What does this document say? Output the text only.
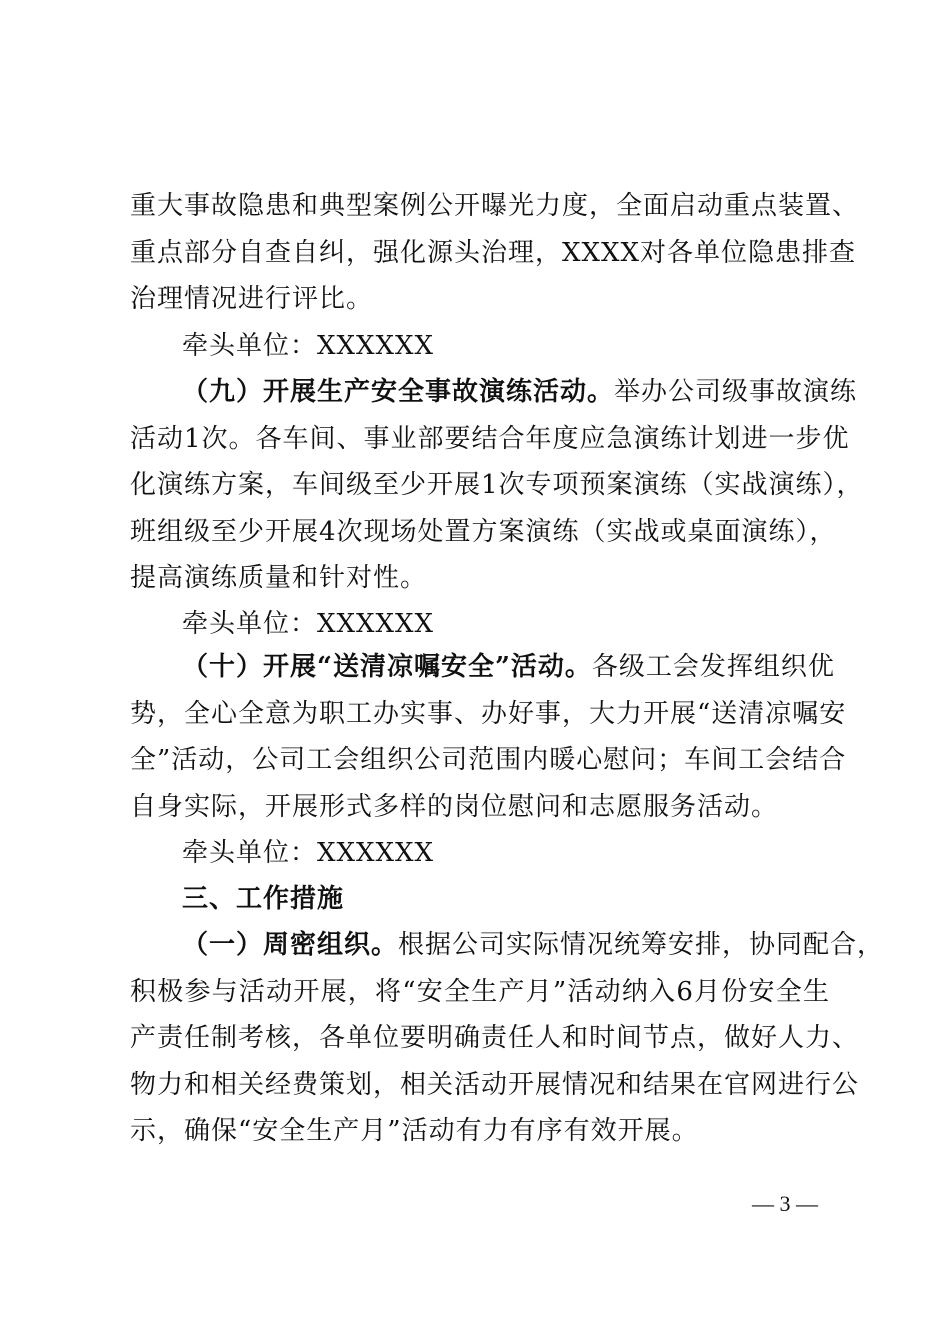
重大事故隐患和典型案例公开曝光力度，全面启动重点装置、
重点部分自查自纠，强化源头治理，XXXX对各单位隐患排查
治理情况进行评比。
牵头单位：XXXXXX
（九）开展生产安全事故演练活动。举办公司级事故演练
活动1次。各车间、事业部要结合年度应急演练计划进一步优
化演练方案，车间级至少开展1次专项预案演练（实战演练），
班组级至少开展4次现场处置方案演练（实战或桌面演练），
提高演练质量和针对性。
牵头单位：XXXXXX
（十）开展“送清凉嘱安全”活动。各级工会发挥组织优
势，全心全意为职工办实事、办好事，大力开展“送清凉嘱安
全”活动，公司工会组织公司范围内暖心慰问；车间工会结合
自身实际，开展形式多样的岗位慰问和志愿服务活动。
牵头单位：XXXXXX
三、工作措施
（一）周密组织。根据公司实际情况统筹安排，协同配合，
积极参与活动开展，将“安全生产月”活动纳入6月份安全生
产责任制考核，各单位要明确责任人和时间节点，做好人力、
物力和相关经费策划，相关活动开展情况和结果在官网进行公
示，确保“安全生产月”活动有力有序有效开展。
— 3 —
